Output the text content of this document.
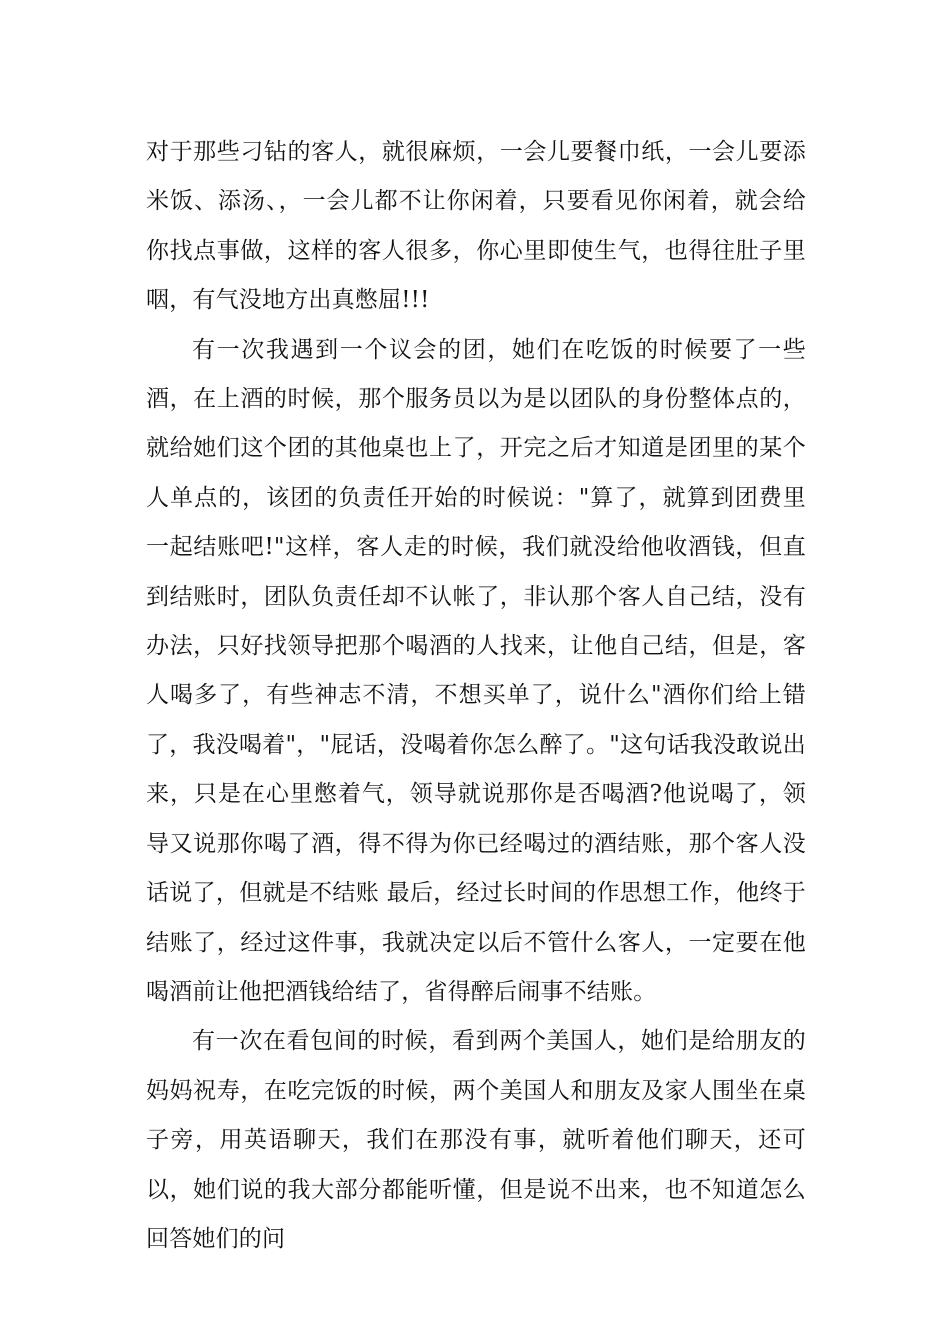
对于那些刁钻的客人，就很麻烦，一会儿要餐巾纸，一会儿要添米饭、添汤、，一会儿都不让你闲着，只要看见你闲着，就会给你找点事做，这样的客人很多，你心里即使生气，也得往肚子里咽，有气没地方出真憋屈!!!

有一次我遇到一个议会的团，她们在吃饭的时候要了一些酒，在上酒的时候，那个服务员以为是以团队的身份整体点的，就给她们这个团的其他桌也上了，开完之后才知道是团里的某个人单点的，该团的负责任开始的时候说："算了，就算到团费里一起结账吧!"这样，客人走的时候，我们就没给他收酒钱，但直到结账时，团队负责任却不认帐了，非认那个客人自己结，没有办法，只好找领导把那个喝酒的人找来，让他自己结，但是，客人喝多了，有些神志不清，不想买单了，说什么"酒你们给上错了，我没喝着"，"屁话，没喝着你怎么醉了。"这句话我没敢说出来，只是在心里憋着气，领导就说那你是否喝酒?他说喝了，领导又说那你喝了酒，得不得为你已经喝过的酒结账，那个客人没话说了，但就是不结账 最后，经过长时间的作思想工作，他终于结账了，经过这件事，我就决定以后不管什么客人，一定要在他喝酒前让他把酒钱给结了，省得醉后闹事不结账。

有一次在看包间的时候，看到两个美国人，她们是给朋友的妈妈祝寿，在吃完饭的时候，两个美国人和朋友及家人围坐在桌子旁，用英语聊天，我们在那没有事，就听着他们聊天，还可以，她们说的我大部分都能听懂，但是说不出来，也不知道怎么回答她们的问
